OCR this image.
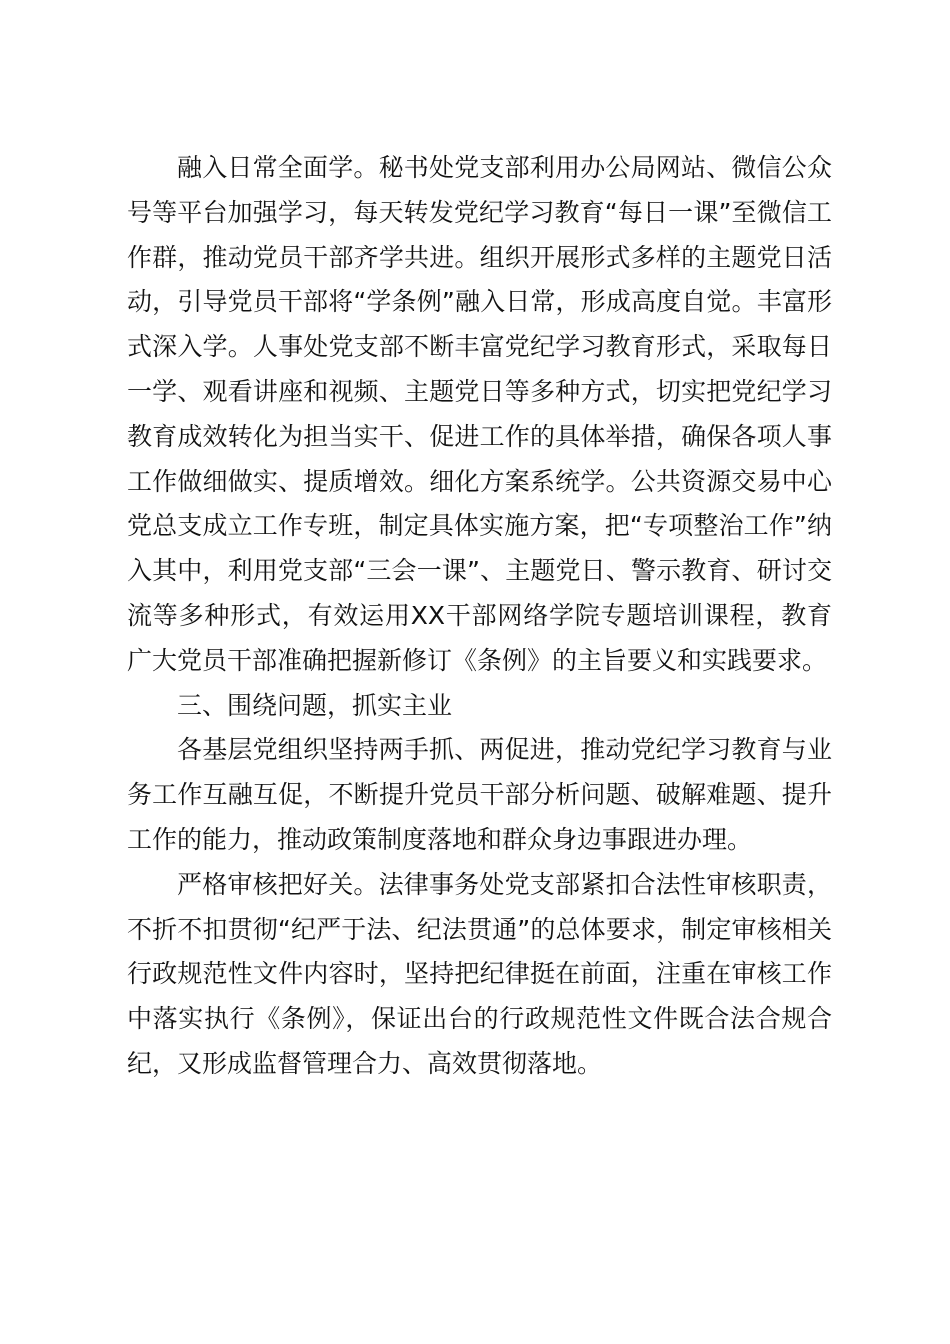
融入日常全面学。秘书处党支部利用办公局网站、微信公众号等平台加强学习，每天转发党纪学习教育“每日一课”至微信工作群，推动党员干部齐学共进。组织开展形式多样的主题党日活动，引导党员干部将“学条例”融入日常，形成高度自觉。丰富形式深入学。人事处党支部不断丰富党纪学习教育形式，采取每日一学、观看讲座和视频、主题党日等多种方式，切实把党纪学习教育成效转化为担当实干、促进工作的具体举措，确保各项人事工作做细做实、提质增效。细化方案系统学。公共资源交易中心党总支成立工作专班，制定具体实施方案，把“专项整治工作”纳入其中，利用党支部“三会一课”、主题党日、警示教育、研讨交流等多种形式，有效运用XX干部网络学院专题培训课程，教育广大党员干部准确把握新修订《条例》的主旨要义和实践要求。

三、围绕问题，抓实主业

各基层党组织坚持两手抓、两促进，推动党纪学习教育与业务工作互融互促，不断提升党员干部分析问题、破解难题、提升工作的能力，推动政策制度落地和群众身边事跟进办理。

严格审核把好关。法律事务处党支部紧扣合法性审核职责，不折不扣贯彻“纪严于法、纪法贯通”的总体要求，制定审核相关行政规范性文件内容时，坚持把纪律挺在前面，注重在审核工作中落实执行《条例》，保证出台的行政规范性文件既合法合规合纪，又形成监督管理合力、高效贯彻落地。
